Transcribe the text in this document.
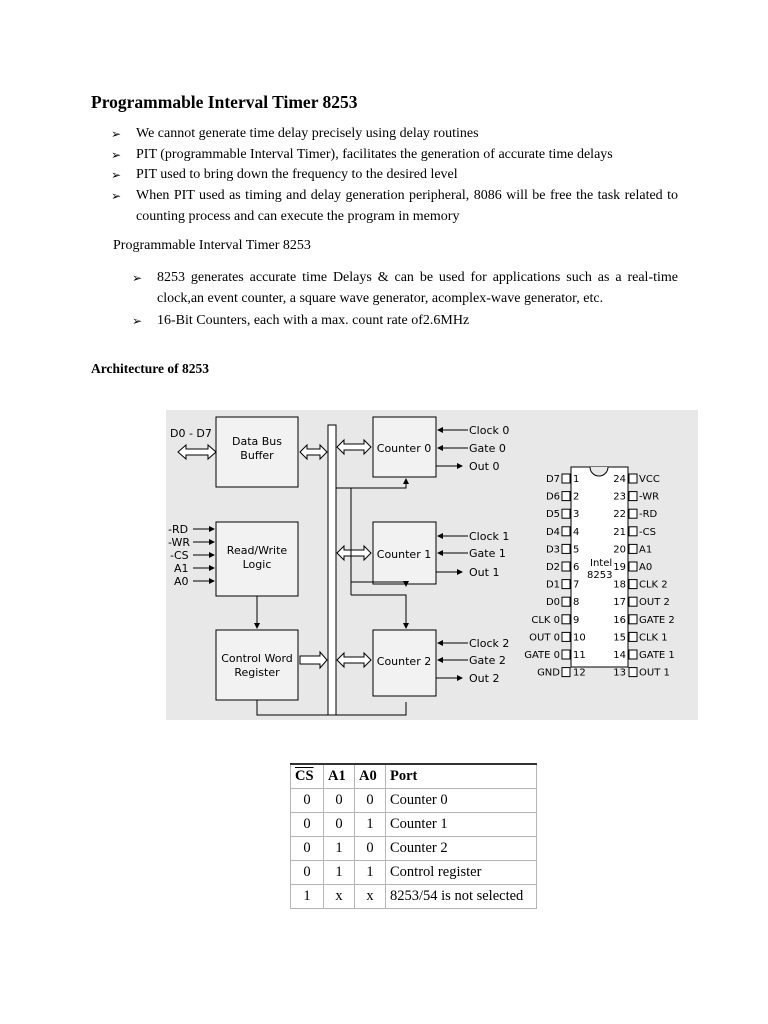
Programmable Interval Timer 8253
➢ We cannot generate time delay precisely using delay routines
➢ PIT (programmable Interval Timer), facilitates the generation of accurate time delays
➢ PIT used to bring down the frequency to the desired level
➢ When PIT used as timing and delay generation peripheral, 8086 will be free the task related to counting process and can execute the program in memory
Programmable Interval Timer 8253
➢ 8253 generates accurate time Delays & can be used for applications such as a real-time clock,an event counter, a square wave generator, acomplex-wave generator, etc.
➢ 16-Bit Counters, each with a max. count rate of2.6MHz
Architecture of 8253
D0 - D7
Data Bus
Buffer
Read/Write
Logic
Control Word
Register
-RD
-WR
-CS
A1
A0
Counter 0
Counter 1
Counter 2
Clock 0
Gate 0
Out 0
Clock 1
Gate 1
Out 1
Clock 2
Gate 2
Out 2
Intel
8253
D7 1
D6 2
D5 3
D4 4
D3 5
D2 6
D1 7
D0 8
CLK 0 9
OUT 0 10
GATE 0 11
GND 12
24 VCC
23 -WR
22 -RD
21 -CS
20 A1
19 A0
18 CLK 2
17 OUT 2
16 GATE 2
15 CLK 1
14 GATE 1
13 OUT 1
$\overline{CS}$	A1	A0	Port
0	0	0	Counter 0
0	0	1	Counter 1
0	1	0	Counter 2
0	1	1	Control register
1	x	x	8253/54 is not selected
